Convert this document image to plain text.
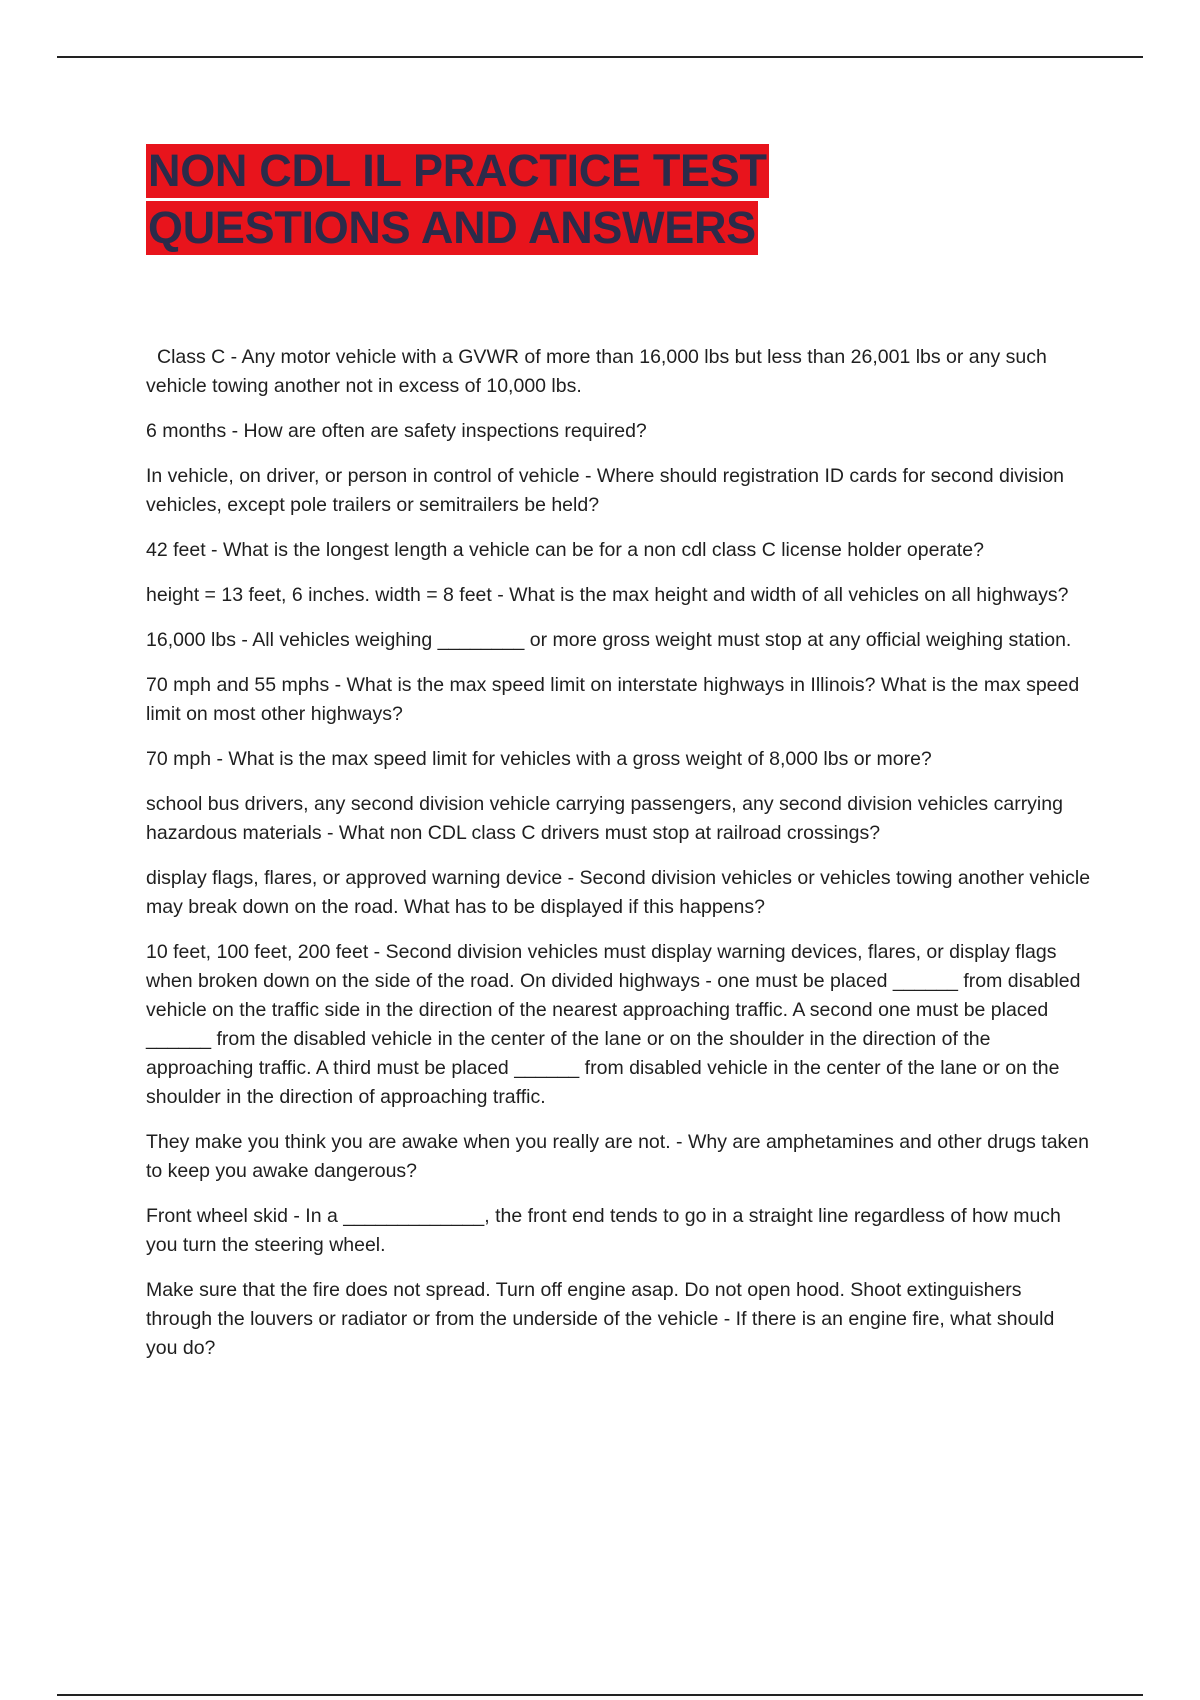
NON CDL IL PRACTICE TEST
QUESTIONS AND ANSWERS

Class C - Any motor vehicle with a GVWR of more than 16,000 lbs but less than 26,001 lbs or any such vehicle towing another not in excess of 10,000 lbs.

6 months - How are often are safety inspections required?

In vehicle, on driver, or person in control of vehicle - Where should registration ID cards for second division vehicles, except pole trailers or semitrailers be held?

42 feet - What is the longest length a vehicle can be for a non cdl class C license holder operate?

height = 13 feet, 6 inches. width = 8 feet - What is the max height and width of all vehicles on all highways?

16,000 lbs - All vehicles weighing ________ or more gross weight must stop at any official weighing station.

70 mph and 55 mphs - What is the max speed limit on interstate highways in Illinois? What is the max speed limit on most other highways?

70 mph - What is the max speed limit for vehicles with a gross weight of 8,000 lbs or more?

school bus drivers, any second division vehicle carrying passengers, any second division vehicles carrying hazardous materials - What non CDL class C drivers must stop at railroad crossings?

display flags, flares, or approved warning device - Second division vehicles or vehicles towing another vehicle may break down on the road. What has to be displayed if this happens?

10 feet, 100 feet, 200 feet - Second division vehicles must display warning devices, flares, or display flags when broken down on the side of the road. On divided highways - one must be placed ______ from disabled vehicle on the traffic side in the direction of the nearest approaching traffic. A second one must be placed ______ from the disabled vehicle in the center of the lane or on the shoulder in the direction of the approaching traffic. A third must be placed ______ from disabled vehicle in the center of the lane or on the shoulder in the direction of approaching traffic.

They make you think you are awake when you really are not. - Why are amphetamines and other drugs taken to keep you awake dangerous?

Front wheel skid - In a _____________, the front end tends to go in a straight line regardless of how much you turn the steering wheel.

Make sure that the fire does not spread. Turn off engine asap. Do not open hood. Shoot extinguishers through the louvers or radiator or from the underside of the vehicle - If there is an engine fire, what should you do?
